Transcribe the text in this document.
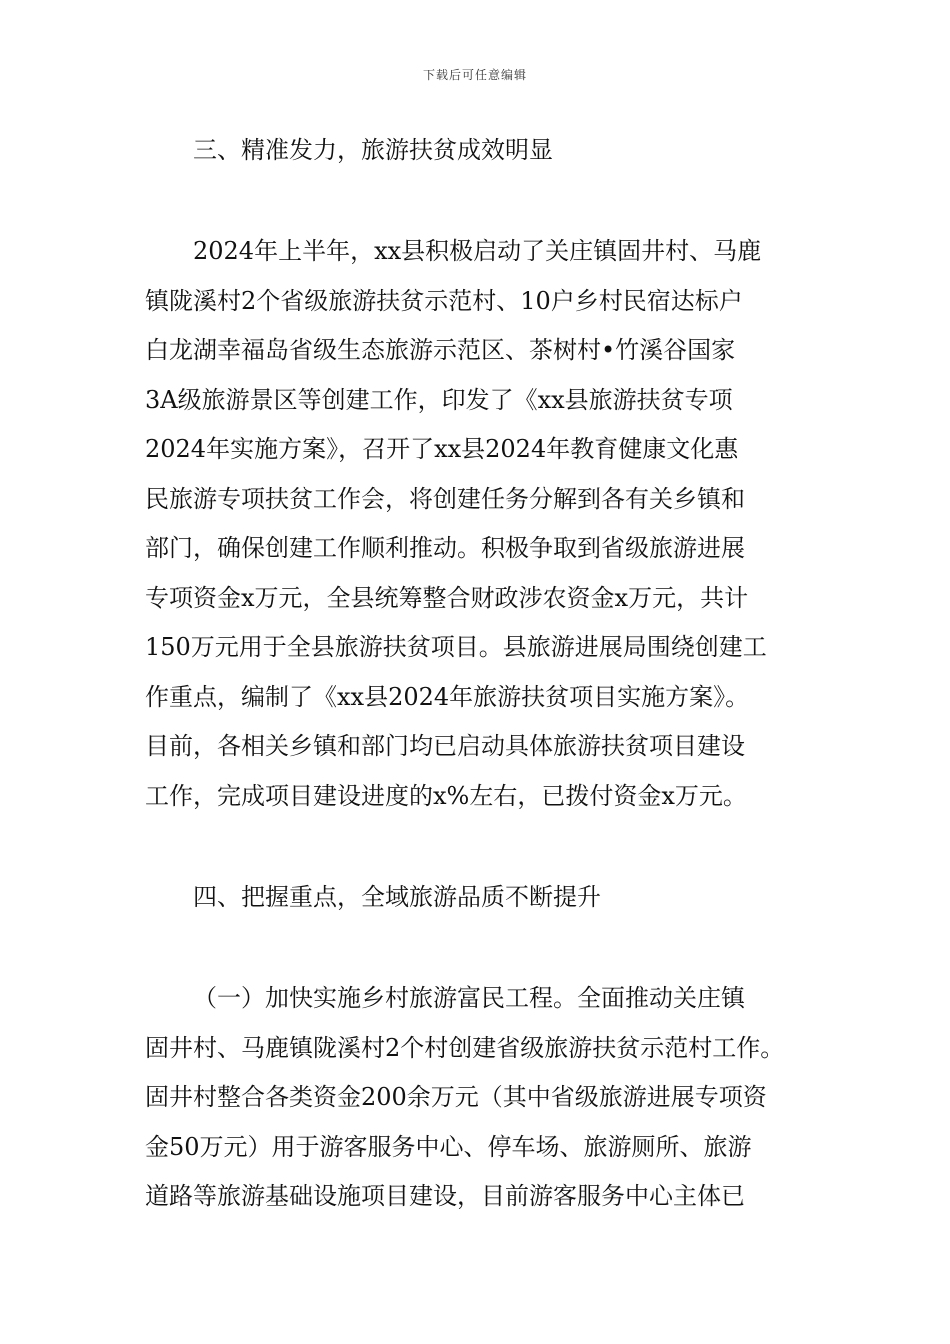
下载后可任意编辑

三、精准发力，旅游扶贫成效明显

2024年上半年，xx县积极启动了关庄镇固井村、马鹿
镇陇溪村2个省级旅游扶贫示范村、10户乡村民宿达标户
白龙湖幸福岛省级生态旅游示范区、茶树村•竹溪谷国家
3A级旅游景区等创建工作，印发了《xx县旅游扶贫专项
2024年实施方案》，召开了xx县2024年教育健康文化惠
民旅游专项扶贫工作会，将创建任务分解到各有关乡镇和
部门，确保创建工作顺利推动。积极争取到省级旅游进展
专项资金x万元，全县统筹整合财政涉农资金x万元，共计
150万元用于全县旅游扶贫项目。县旅游进展局围绕创建工
作重点，编制了《xx县2024年旅游扶贫项目实施方案》。
目前，各相关乡镇和部门均已启动具体旅游扶贫项目建设
工作，完成项目建设进度的x%左右，已拨付资金x万元。

四、把握重点，全域旅游品质不断提升

（一）加快实施乡村旅游富民工程。全面推动关庄镇
固井村、马鹿镇陇溪村2个村创建省级旅游扶贫示范村工作。
固井村整合各类资金200余万元（其中省级旅游进展专项资
金50万元）用于游客服务中心、停车场、旅游厕所、旅游
道路等旅游基础设施项目建设，目前游客服务中心主体已
